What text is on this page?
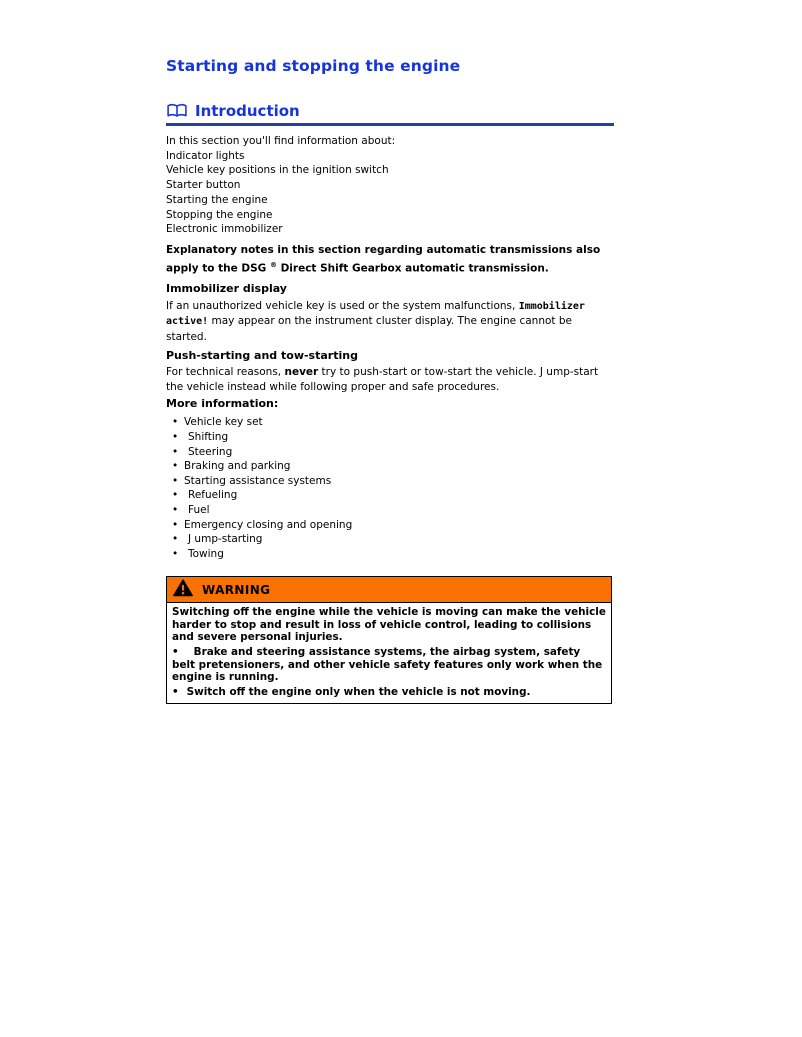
Starting and stopping the engine
Introduction

In this section you'll find information about:

Indicator lights
Vehicle key positions in the ignition switch
Starter button
Starting the engine
Stopping the engine
Electronic immobilizer

Explanatory notes in this section regarding automatic transmissions also apply to the DSG ® Direct Shift Gearbox automatic transmission.

Immobilizer display

If an unauthorized vehicle key is used or the system malfunctions, Immobilizer active! may appear on the instrument cluster display. The engine cannot be started.

Push-starting and tow-starting

For technical reasons, never try to push-start or tow-start the vehicle. J ump-start the vehicle instead while following proper and safe procedures.

More information:
• Vehicle key set
• Shifting
• Steering
• Braking and parking
• Starting assistance systems
• Refueling
• Fuel
• Emergency closing and opening
• J ump-starting
• Towing
WARNING

Switching off the engine while the vehicle is moving can make the vehicle harder to stop and result in loss of vehicle control, leading to collisions and severe personal injuries.

• Brake and steering assistance systems, the airbag system, safety belt pretensioners, and other vehicle safety features only work when the engine is running.

• Switch off the engine only when the vehicle is not moving.
